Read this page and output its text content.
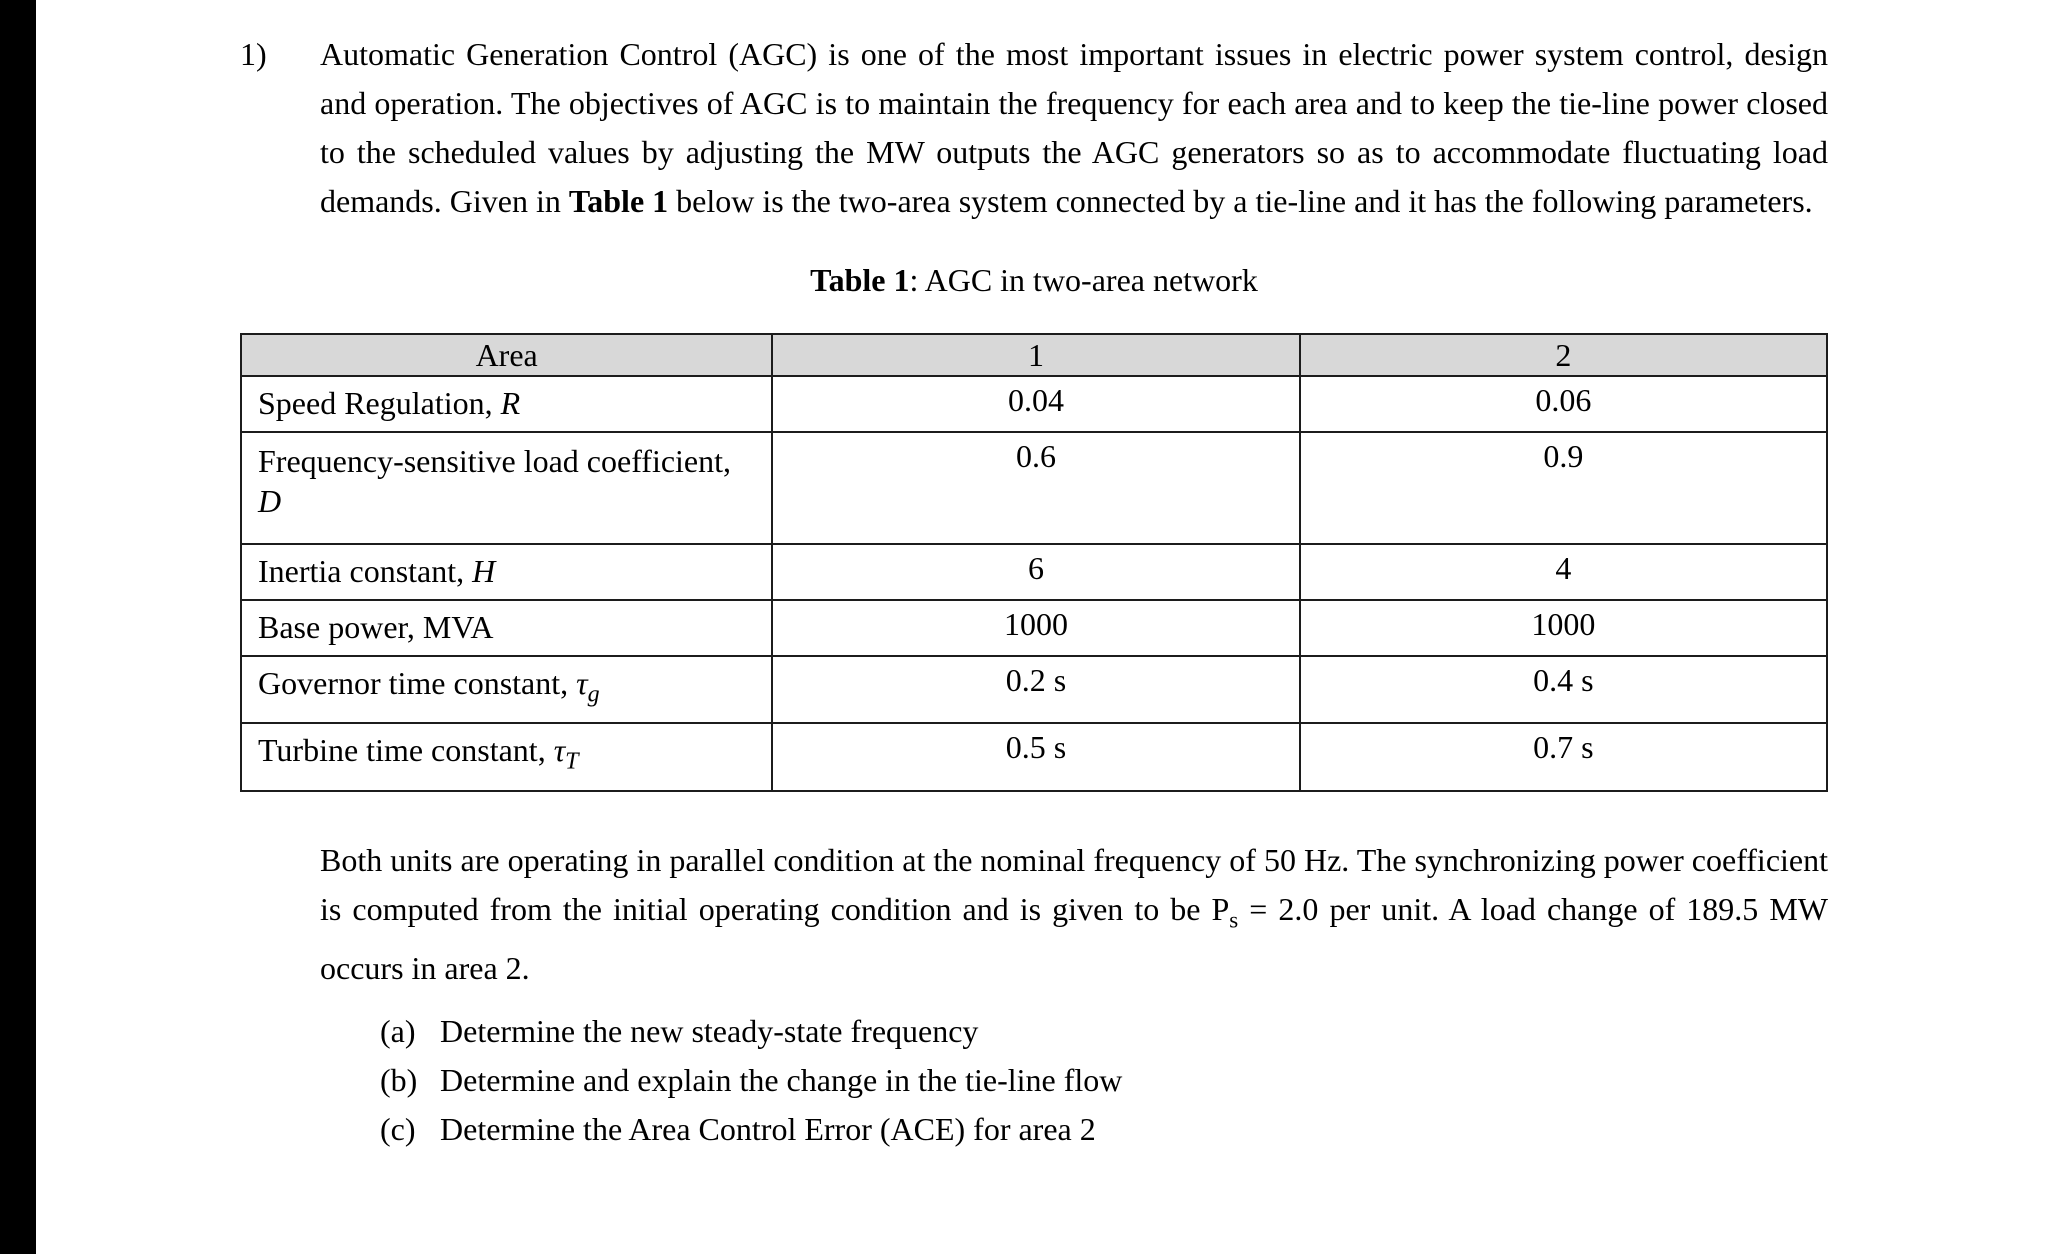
1)	Automatic Generation Control (AGC) is one of the most important issues in electric power system control, design and operation. The objectives of AGC is to maintain the frequency for each area and to keep the tie-line power closed to the scheduled values by adjusting the MW outputs the AGC generators so as to accommodate fluctuating load demands. Given in Table 1 below is the two-area system connected by a tie-line and it has the following parameters.

Table 1: AGC in two-area network
Area	1	2
Speed Regulation, R	0.04	0.06
Frequency-sensitive load coefficient, D	0.6	0.9
Inertia constant, H	6	4
Base power, MVA	1000	1000
Governor time constant, $\tau_g$	0.2 s	0.4 s
Turbine time constant, $\tau_T$	0.5 s	0.7 s

Both units are operating in parallel condition at the nominal frequency of 50 Hz. The synchronizing power coefficient is computed from the initial operating condition and is given to be $P_s = 2.0$ per unit. A load change of 189.5 MW occurs in area 2.

(a) Determine the new steady-state frequency
(b) Determine and explain the change in the tie-line flow
(c) Determine the Area Control Error (ACE) for area 2
